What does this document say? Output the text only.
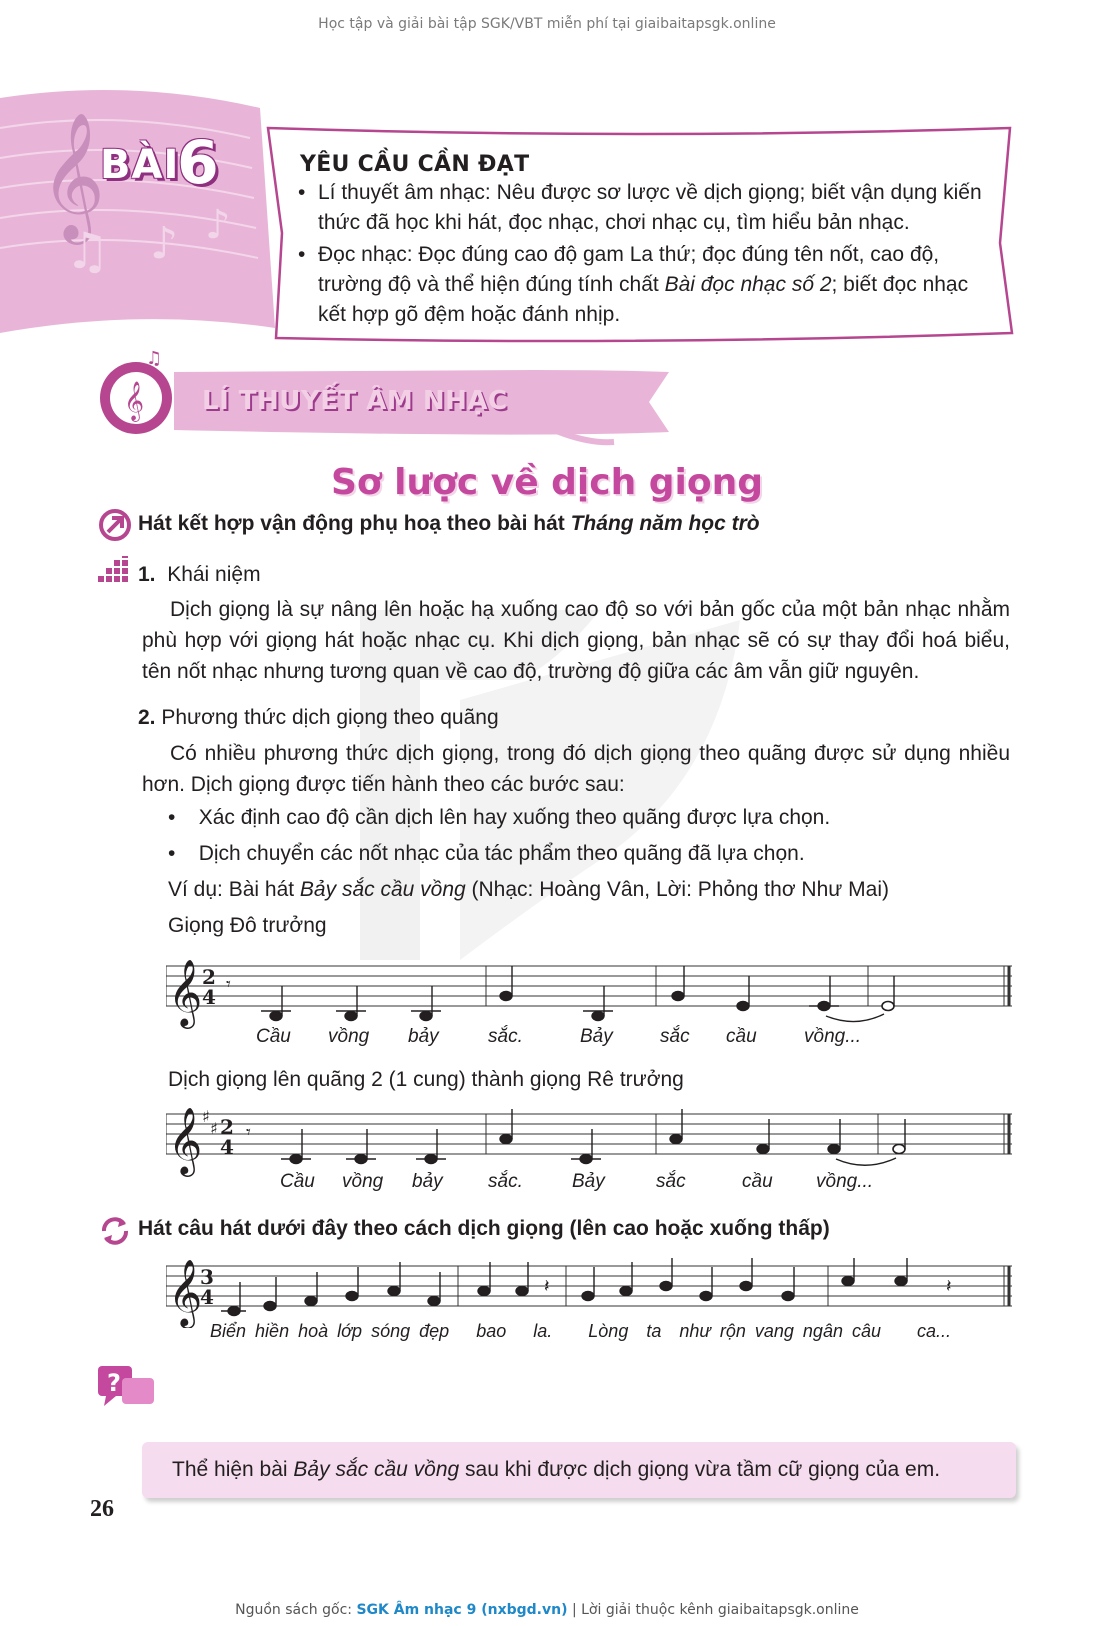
Học tập và giải bài tập SGK/VBT miễn phí tại giaibaitapsgk.online
𝄞
♫ ♪ ♪
BÀI
6	YÊU CẦU CẦN ĐẠT
• Lí thuyết âm nhạc: Nêu được sơ lược về dịch giọng; biết vận dụng kiến thức đã học khi hát, đọc nhạc, chơi nhạc cụ, tìm hiểu bản nhạc.
• Đọc nhạc: Đọc đúng cao độ gam La thứ; đọc đúng tên nốt, cao độ, trường độ và thể hiện đúng tính chất Bài đọc nhạc số 2; biết đọc nhạc kết hợp gõ đệm hoặc đánh nhịp.
𝄞
♫
LÍ THUYẾT ÂM NHẠC
Sơ lược về dịch giọng
Hát kết hợp vận động phụ hoạ theo bài hát Tháng năm học trò
1. Khái niệm
Dịch giọng là sự nâng lên hoặc hạ xuống cao độ so với bản gốc của một bản nhạc nhằm phù hợp với giọng hát hoặc nhạc cụ. Khi dịch giọng, bản nhạc sẽ có sự thay đổi hoá biểu, tên nốt nhạc nhưng tương quan về cao độ, trường độ giữa các âm vẫn giữ nguyên.
2. Phương thức dịch giọng theo quãng
Có nhiều phương thức dịch giọng, trong đó dịch giọng theo quãng được sử dụng nhiều hơn. Dịch giọng được tiến hành theo các bước sau:
•    Xác định cao độ cần dịch lên hay xuống theo quãng được lựa chọn.
•    Dịch chuyển các nốt nhạc của tác phẩm theo quãng đã lựa chọn.
Ví dụ: Bài hát Bảy sắc cầu vồng (Nhạc: Hoàng Vân, Lời: Phỏng thơ Như Mai)
Giọng Đô trưởng
𝄞 2
4
𝄾
Cầu vồng bảy	sắc.	Bảy sắc cầu vồng...
Dịch giọng lên quãng 2 (1 cung) thành giọng Rê trưởng
𝄞 ♯
♯ 2
4
𝄾
Cầu vồng bảy sắc.	Bảy	sắc	cầu vồng...
Hát câu hát dưới đây theo cách dịch giọng (lên cao hoặc xuống thấp)
𝄞
3
4	𝄽	𝄽
Biển hiền hoà lớp sóng đẹp bao la. Lòng ta như rộn vang ngân câu ca...
?
Thể hiện bài Bảy sắc cầu vồng sau khi được dịch giọng vừa tầm cữ giọng của em.
26
Nguồn sách gốc: SGK Âm nhạc 9 (nxbgd.vn) | Lời giải thuộc kênh giaibaitapsgk.online
